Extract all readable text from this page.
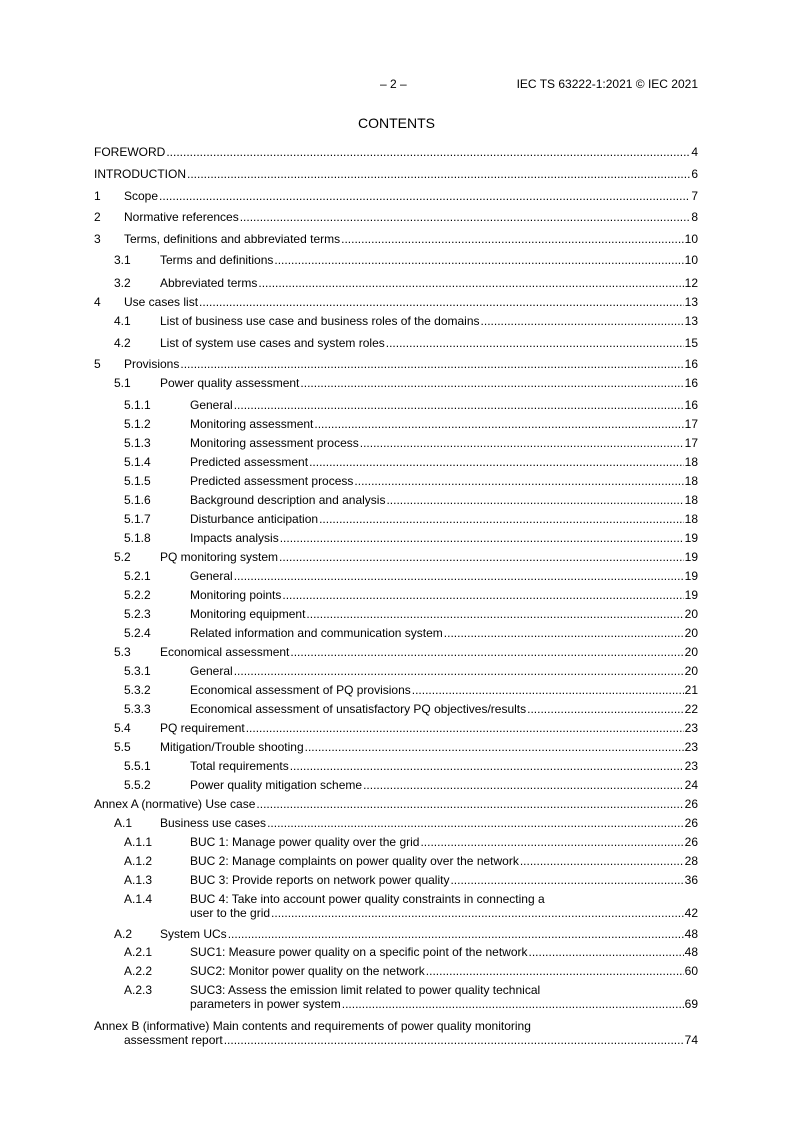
– 2 –	IEC TS 63222-1:2021 © IEC 2021
CONTENTS
FOREWORD .....	4
INTRODUCTION .....	6
1 Scope .....	7
2 Normative references .....	8
3 Terms, definitions and abbreviated terms .....	10
3.1 Terms and definitions .....	10
3.2 Abbreviated terms .....	12
4 Use cases list .....	13
4.1 List of business use case and business roles of the domains .....	13
4.2 List of system use cases and system roles .....	15
5 Provisions .....	16
5.1 Power quality assessment .....	16
5.1.1	General .....	16
5.1.2	Monitoring assessment .....	17
5.1.3	Monitoring assessment process .....	17
5.1.4	Predicted assessment .....	18
5.1.5	Predicted assessment process .....	18
5.1.6	Background description and analysis .....	18
5.1.7	Disturbance anticipation .....	18
5.1.8	Impacts analysis .....	19
5.2 PQ monitoring system .....	19
5.2.1	General .....	19
5.2.2	Monitoring points .....	19
5.2.3	Monitoring equipment .....	20
5.2.4	Related information and communication system .....	20
5.3 Economical assessment .....	20
5.3.1	General .....	20
5.3.2	Economical assessment of PQ provisions .....	21
5.3.3	Economical assessment of unsatisfactory PQ objectives/results .....	22
5.4 PQ requirement .....	23
5.5 Mitigation/Trouble shooting .....	23
5.5.1	Total requirements .....	23
5.5.2	Power quality mitigation scheme .....	24
Annex A (normative) Use case .....	26
A.1 Business use cases .....	26
A.1.1	BUC 1: Manage power quality over the grid .....	26
A.1.2	BUC 2: Manage complaints on power quality over the network .....	28
A.1.3	BUC 3: Provide reports on network power quality .....	36
A.1.4	BUC 4: Take into account power quality constraints in connecting a
user to the grid .....	42
A.2 System UCs .....	48
A.2.1	SUC1: Measure power quality on a specific point of the network .....	48
A.2.2	SUC2: Monitor power quality on the network .....	60
A.2.3	SUC3: Assess the emission limit related to power quality technical
parameters in power system .....	69
Annex B (informative) Main contents and requirements of power quality monitoring
assessment report .....	74
